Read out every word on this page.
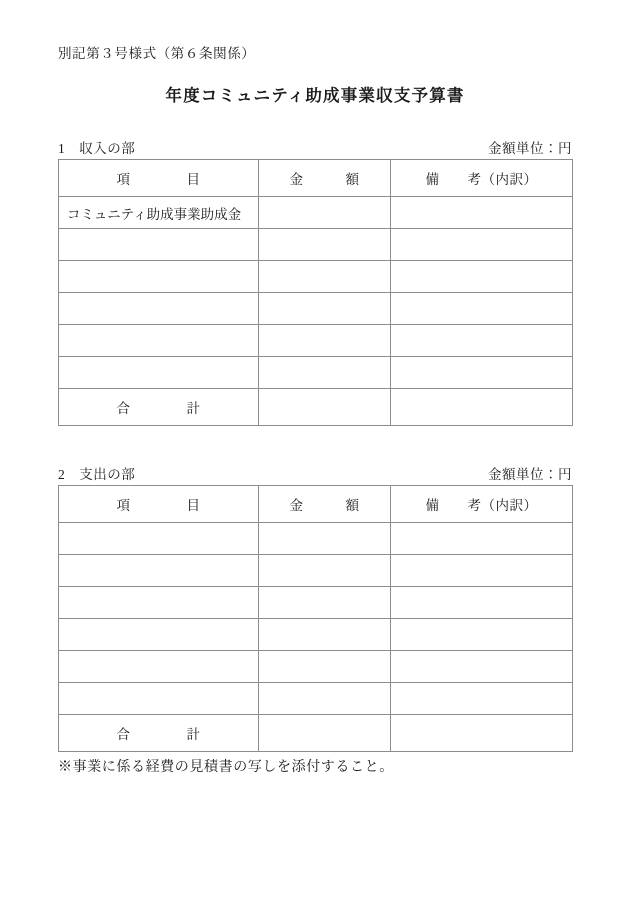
別記第３号様式（第６条関係）
年度コミュニティ助成事業収支予算書
1　収入の部	金額単位：円
項　　　　目	金　　　額	備　　考（内訳）
コミュニティ助成事業助成金		

合　　　　計		
2　支出の部	金額単位：円
項　　　　目	金　　　額	備　　考（内訳）

合　　　　計		
※事業に係る経費の見積書の写しを添付すること。
